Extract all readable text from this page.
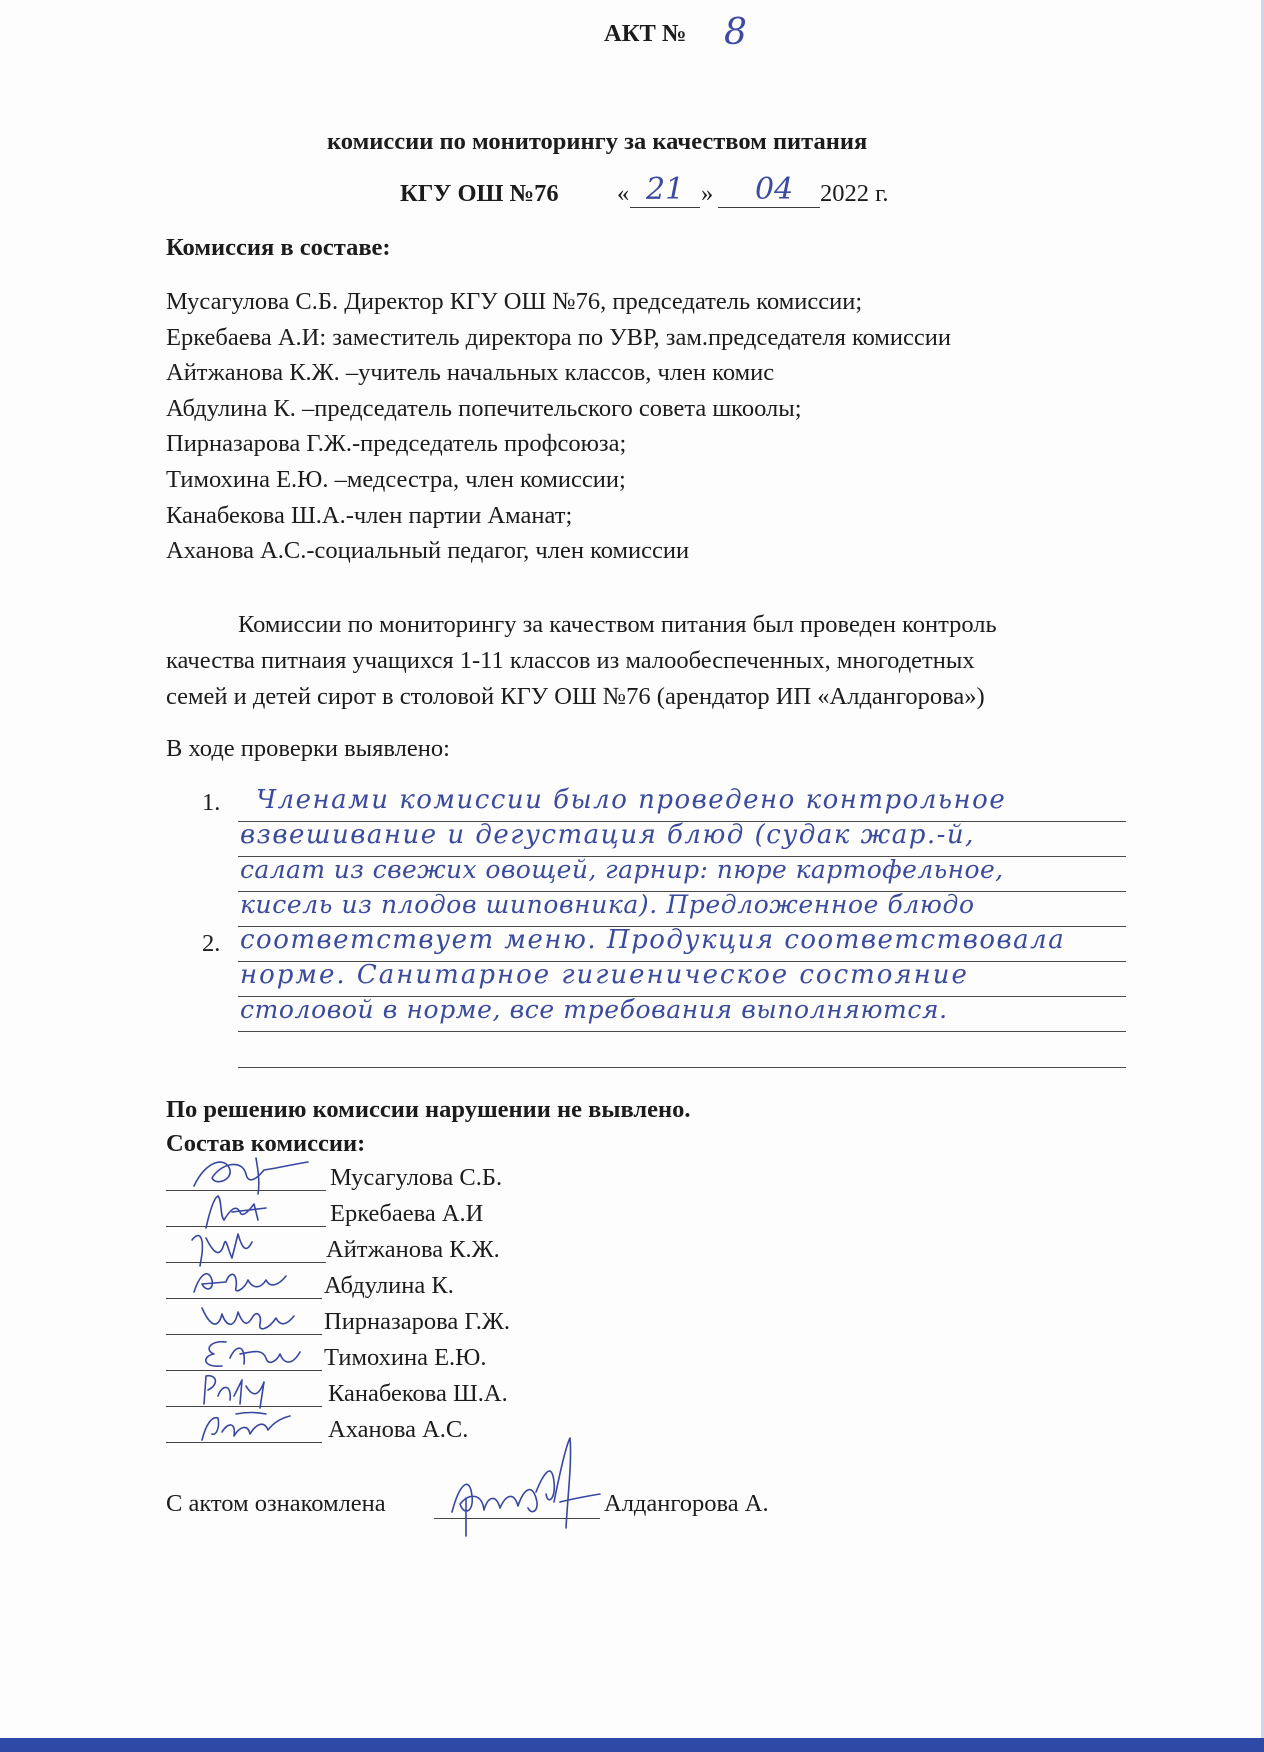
АКТ № 8
комиссии по мониторингу за качеством питания
КГУ ОШ №76 « 21 » 04 2022 г.
Комиссия в составе:
Мусагулова С.Б. Директор КГУ ОШ №76, председатель комиссии;
Еркебаева А.И: заместитель директора по УВР, зам.председателя комиссии
Айтжанова К.Ж. –учитель начальных классов, член комис
Абдулина К. –председатель попечительского совета шкоолы;
Пирназарова Г.Ж.-председатель профсоюза;
Тимохина Е.Ю. –медсестра, член комиссии;
Канабекова Ш.А.-член партии Аманат;
Аханова А.С.-социальный педагог, член комиссии
Комиссии по мониторингу за качеством питания был проведен контроль
качества питнаия учащихся 1-11 классов из малообеспеченных, многодетных
семей и детей сирот в столовой КГУ ОШ №76 (арендатор ИП «Алдангорова»)
В ходе проверки выявлено:
1.
2.
Членами комиссии было проведено контрольное
взвешивание и дегустация блюд (судак жар.-й,
салат из свежих овощей, гарнир: пюре картофельное,
кисель из плодов шиповника). Предложенное блюдо
соответствует меню. Продукция соответствовала
норме. Санитарное гигиеническое состояние
столовой в норме, все требования выполняются.
По решению комиссии нарушении не вывлено.
Состав комиссии:
Мусагулова С.Б.
Еркебаева А.И
Айтжанова К.Ж.
Абдулина К.
Пирназарова Г.Ж.
Тимохина Е.Ю.
Канабекова Ш.А.
Аханова А.С.
С актом ознакомлена	Алдангорова А.
